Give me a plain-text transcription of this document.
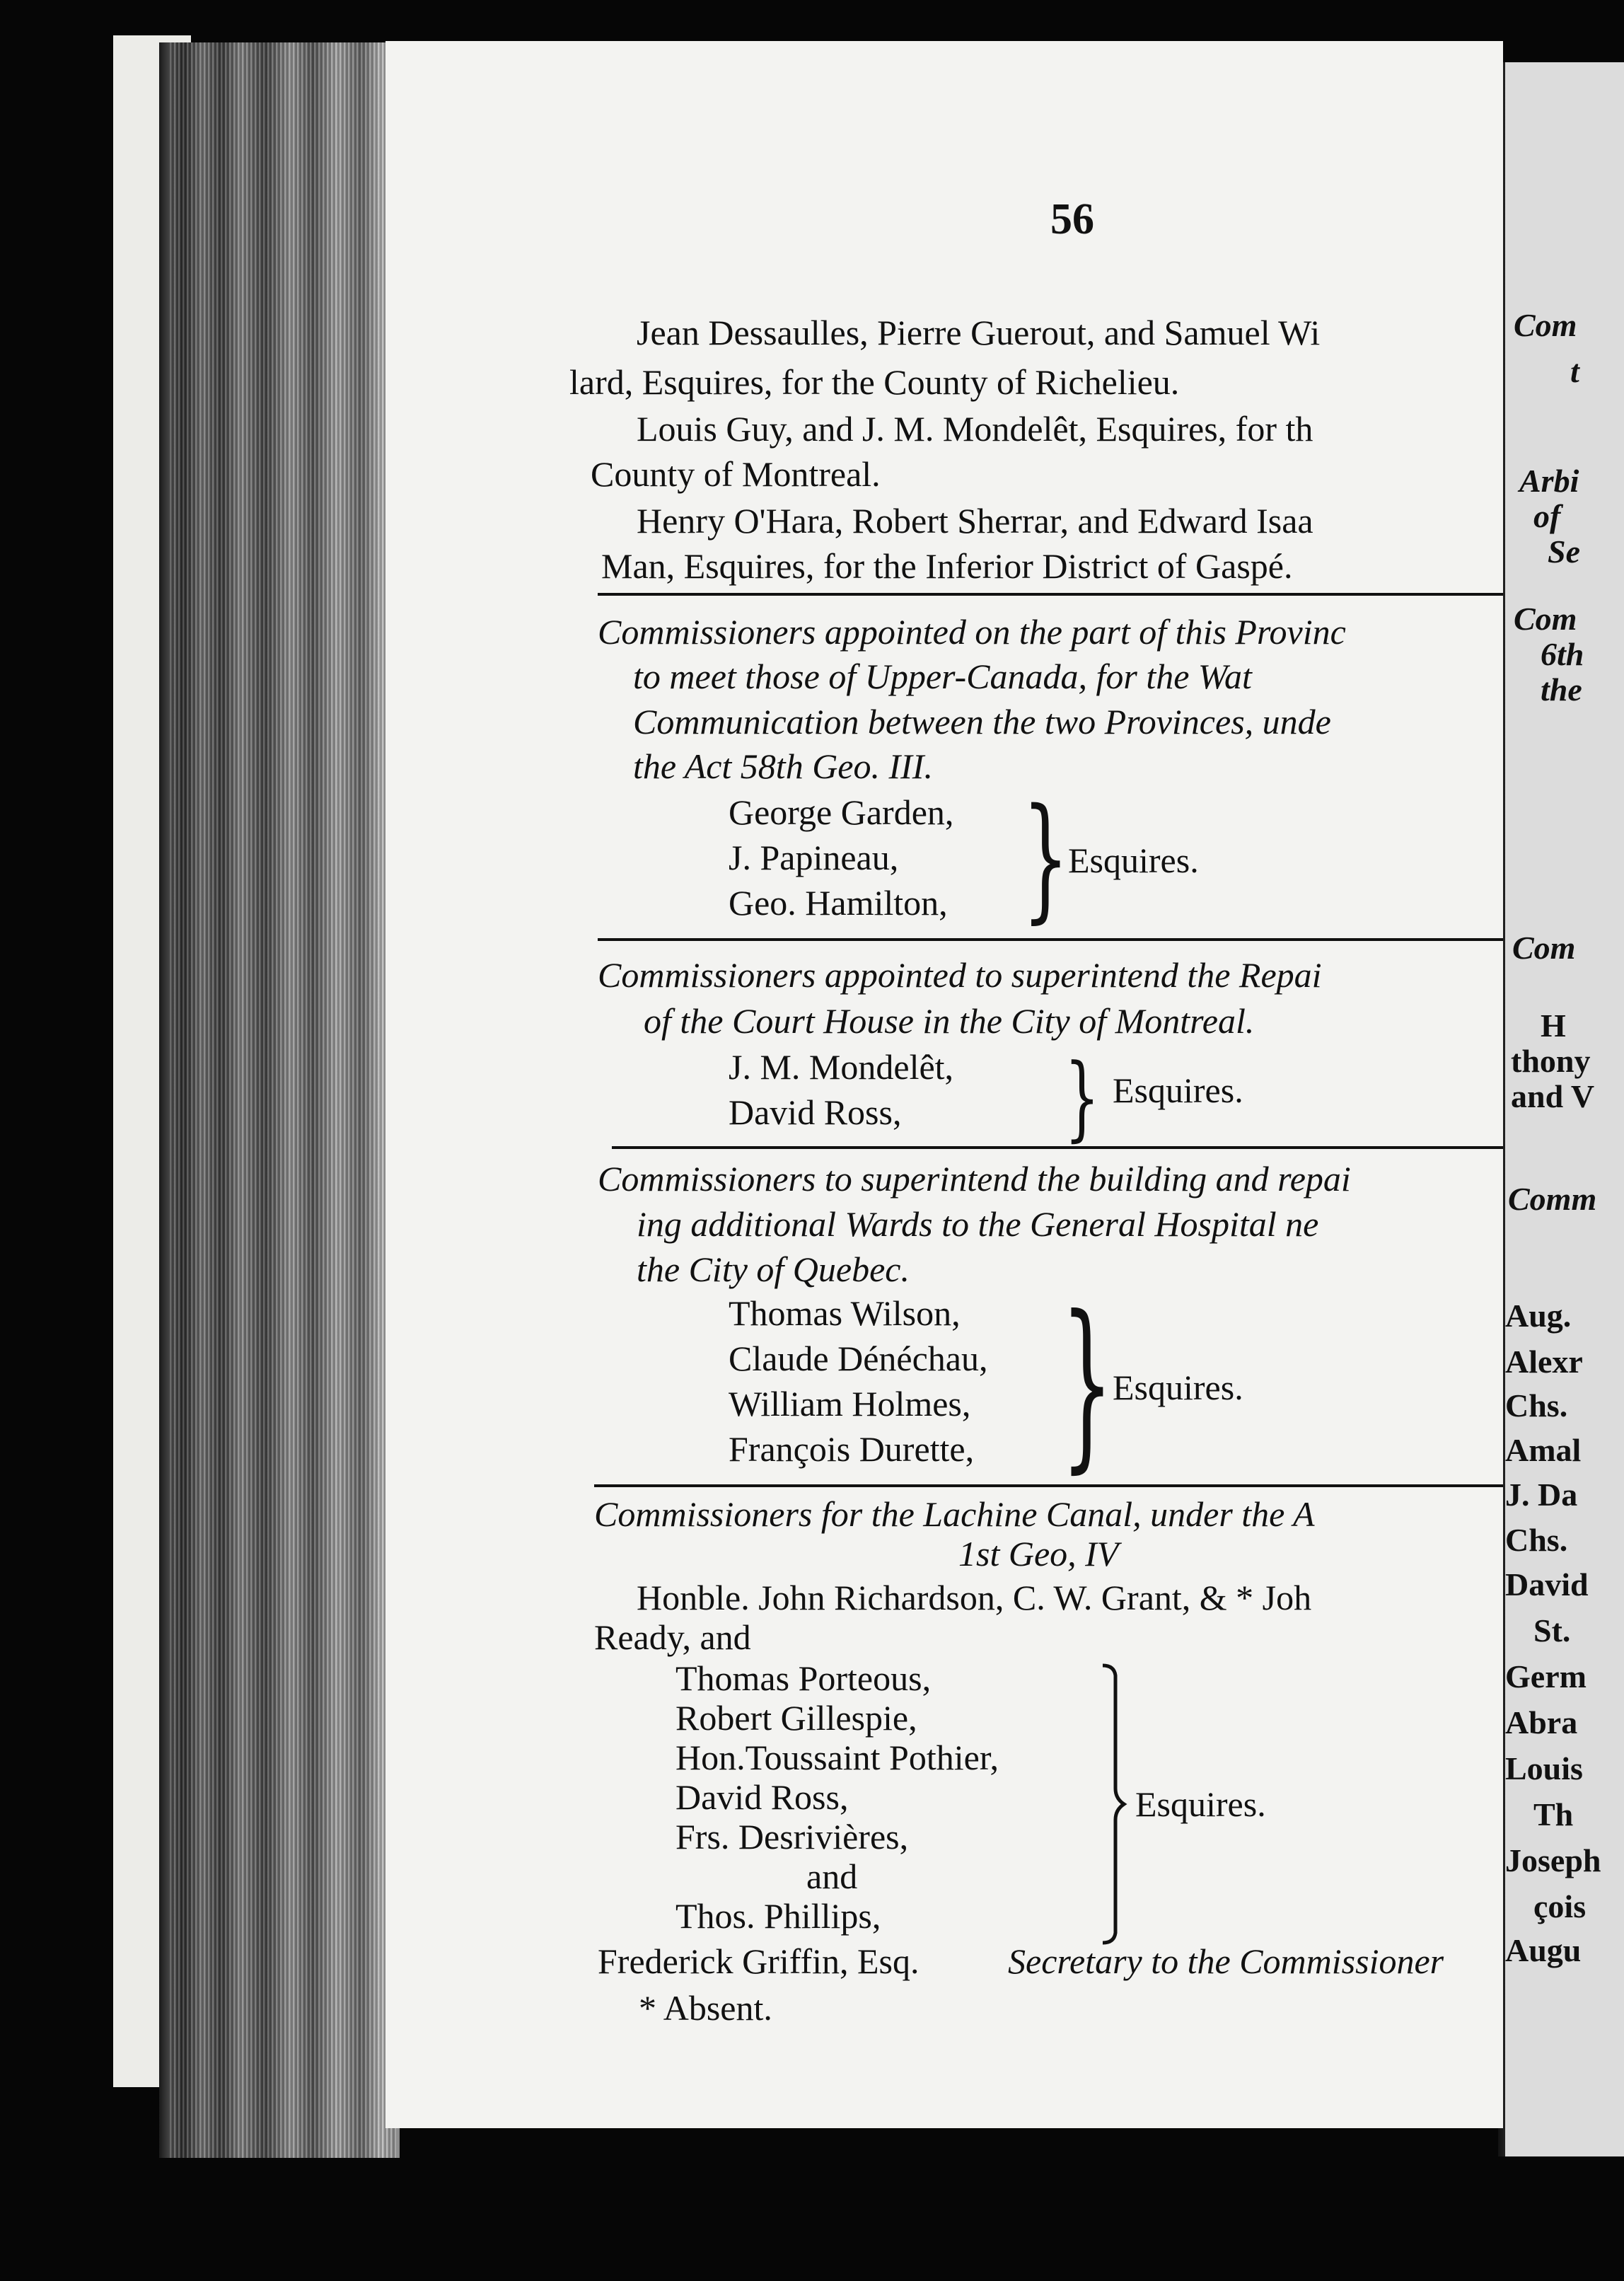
Com
t
Arbi
of
Se
Com
6th
the
Com
H
thony
and V
Comm
Aug.
Alexr
Chs.
Amal
J. Da
Chs.
David
St.
Germ
Abra
Louis
Th
Joseph
çois
Augu
56
Jean Dessaulles, Pierre Guerout, and Samuel Wi
lard, Esquires, for the County of Richelieu.
Louis Guy, and J. M. Mondelêt, Esquires, for th
County of Montreal.
Henry O'Hara, Robert Sherrar, and Edward Isaa
Man, Esquires, for the Inferior District of Gaspé.
Commissioners appointed on the part of this Provinc
to meet those of Upper-Canada, for the Wat
Communication between the two Provinces, unde
the Act 58th Geo. III.
George Garden,
J. Papineau,
Geo. Hamilton, }
Esquires.
Commissioners appointed to superintend the Repai
of the Court House in the City of Montreal.
J. M. Mondelêt,
David Ross, } Esquires.
Commissioners to superintend the building and repai
ing additional Wards to the General Hospital ne
the City of Quebec.
Thomas Wilson,
Claude Dénéchau,
William Holmes,
François Durette, } Esquires.
Commissioners for the Lachine Canal, under the A
1st Geo, IV
Honble. John Richardson, C. W. Grant, & * Joh
Ready, and
Thomas Porteous,
Robert Gillespie,
Hon.Toussaint Pothier,
David Ross,
Frs. Desrivières,
and
Thos. Phillips,
Esquires.
Frederick Griffin, Esq.	Secretary to the Commissioner
* Absent.
